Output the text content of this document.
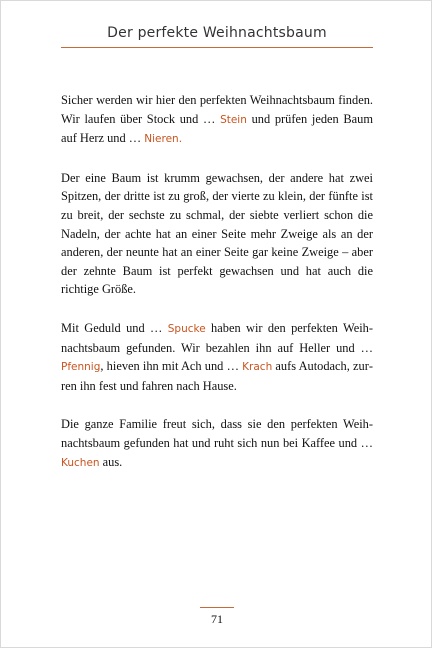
Der perfekte Weihnachtsbaum

Sicher werden wir hier den perfekten Weihnachtsbaum finden. Wir laufen über Stock und … Stein und prüfen jeden Baum auf Herz und … Nieren.

Der eine Baum ist krumm gewachsen, der andere hat zwei Spitzen, der dritte ist zu groß, der vierte zu klein, der fünfte ist zu breit, der sechste zu schmal, der siebte verliert schon die Nadeln, der achte hat an einer Seite mehr Zweige als an der anderen, der neunte hat an einer Seite gar keine Zweige – aber der zehnte Baum ist perfekt gewachsen und hat auch die richtige Größe.

Mit Geduld und … Spucke haben wir den perfekten Weihnachtsbaum gefunden. Wir bezahlen ihn auf Heller und … Pfennig, hieven ihn mit Ach und … Krach aufs Autodach, zurren ihn fest und fahren nach Hause.

Die ganze Familie freut sich, dass sie den perfekten Weihnachtsbaum gefunden hat und ruht sich nun bei Kaffee und … Kuchen aus.

71
